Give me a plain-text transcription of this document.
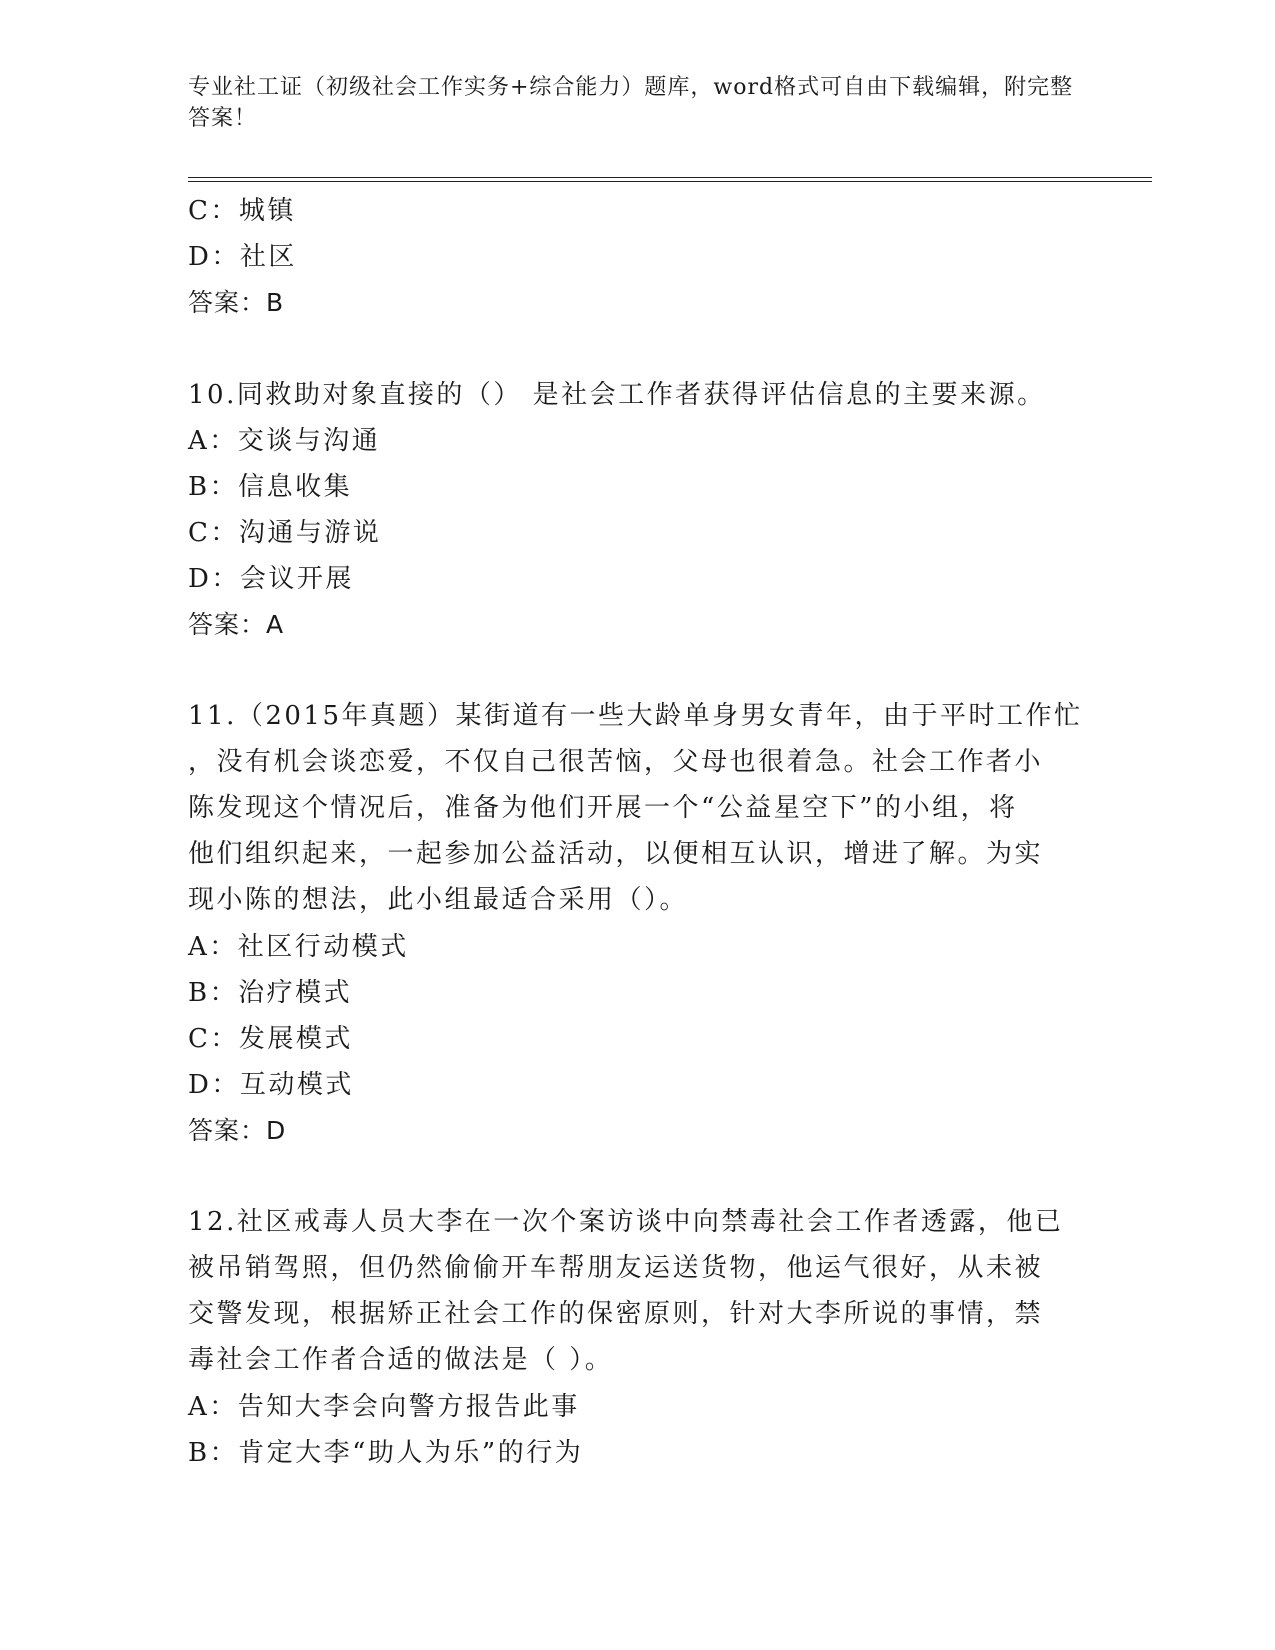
专业社工证（初级社会工作实务+综合能力）题库，word格式可自由下载编辑，附完整答案！
C：城镇
D：社区
答案：B
10.同救助对象直接的（） 是社会工作者获得评估信息的主要来源。
A：交谈与沟通
B：信息收集
C：沟通与游说
D：会议开展
答案：A
11.（2015年真题）某街道有一些大龄单身男女青年，由于平时工作忙
，没有机会谈恋爱，不仅自己很苦恼，父母也很着急。社会工作者小
陈发现这个情况后，准备为他们开展一个“公益星空下”的小组，将
他们组织起来，一起参加公益活动，以便相互认识，增进了解。为实
现小陈的想法，此小组最适合采用（）。
A：社区行动模式
B：治疗模式
C：发展模式
D：互动模式
答案：D
12.社区戒毒人员大李在一次个案访谈中向禁毒社会工作者透露，他已
被吊销驾照，但仍然偷偷开车帮朋友运送货物，他运气很好，从未被
交警发现，根据矫正社会工作的保密原则，针对大李所说的事情，禁
毒社会工作者合适的做法是（ ）。
A：告知大李会向警方报告此事
B：肯定大李“助人为乐”的行为
